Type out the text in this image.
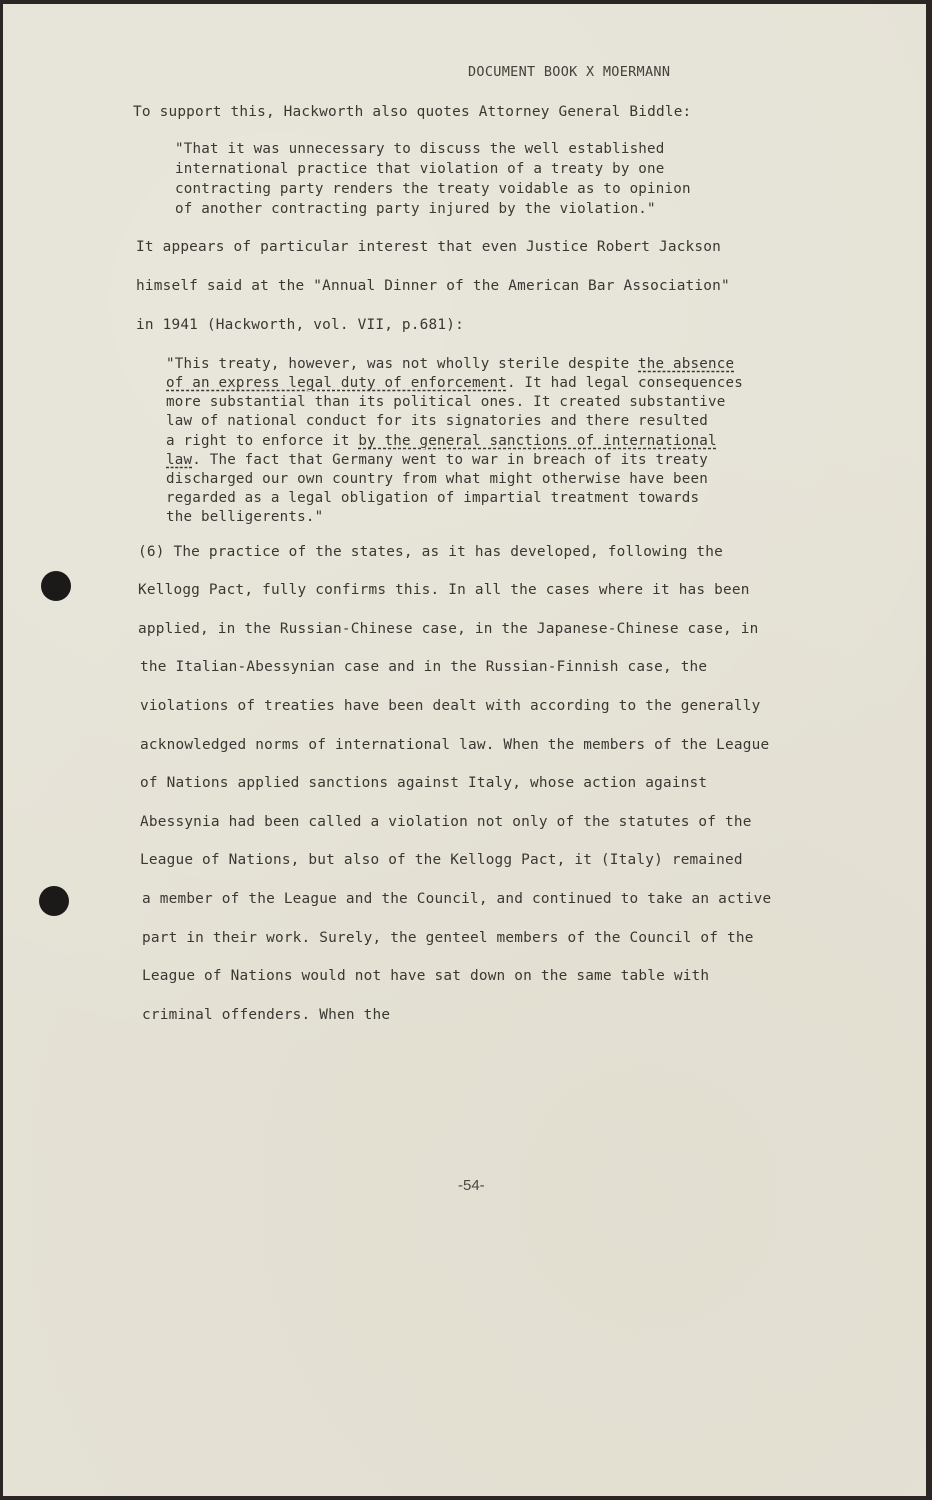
DOCUMENT BOOK X MOERMANN
To support this, Hackworth also quotes Attorney General Biddle:
"That it was unnecessary to discuss the well established
international practice that violation of a treaty by one
contracting party renders the treaty voidable as to opinion
of another contracting party injured by the violation."
It appears of particular interest that even Justice Robert Jackson
himself said at the "Annual Dinner of the American Bar Association"
in 1941 (Hackworth, vol. VII, p.681):
"This treaty, however, was not wholly sterile despite the absence
of an express legal duty of enforcement. It had legal consequences
more substantial than its political ones. It created substantive
law of national conduct for its signatories and there resulted
a right to enforce it by the general sanctions of international
law. The fact that Germany went to war in breach of its treaty
discharged our own country from what might otherwise have been
regarded as a legal obligation of impartial treatment towards
the belligerents."
(6) The practice of the states, as it has developed, following the
Kellogg Pact, fully confirms this. In all the cases where it has been
applied, in the Russian-Chinese case, in the Japanese-Chinese case, in
the Italian-Abessynian case and in the Russian-Finnish case, the
violations of treaties have been dealt with according to the generally
acknowledged norms of international law. When the members of the League
of Nations applied sanctions against Italy, whose action against
Abessynia had been called a violation not only of the statutes of the
League of Nations, but also of the Kellogg Pact, it (Italy) remained
a member of the League and the Council, and continued to take an active
part in their work. Surely, the genteel members of the Council of the
League of Nations would not have sat down on the same table with
criminal offenders. When the
-54-
